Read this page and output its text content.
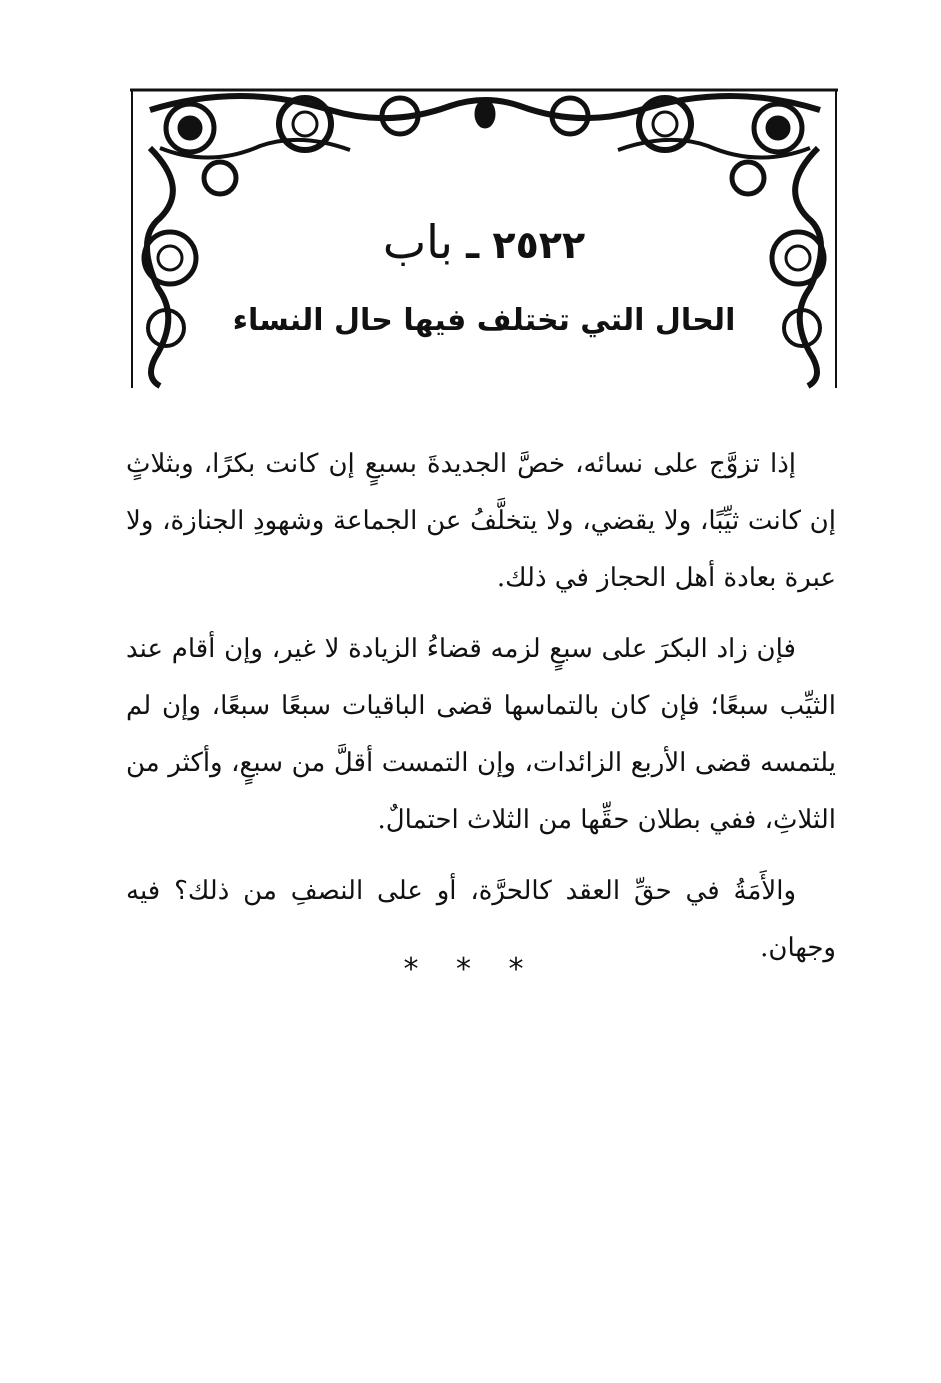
٢٥٢٢ ـ باب
الحال التي تختلف فيها حال النساء

إذا تزوَّج على نسائه، خصَّ الجديدةَ بسبعٍ إن كانت بكرًا، وبثلاثٍ إن كانت ثيِّبًا، ولا يقضي، ولا يتخلَّفُ عن الجماعة وشهودِ الجنازة، ولا عبرة بعادة أهل الحجاز في ذلك.

فإن زاد البكرَ على سبعٍ لزمه قضاءُ الزيادة لا غير، وإن أقام عند الثيِّب سبعًا؛ فإن كان بالتماسها قضى الباقيات سبعًا سبعًا، وإن لم يلتمسه قضى الأربع الزائدات، وإن التمست أقلَّ من سبعٍ، وأكثر من الثلاثِ، ففي بطلان حقِّها من الثلاث احتمالٌ.

والأَمَةُ في حقِّ العقد كالحرَّة، أو على النصفِ من ذلك؟ فيه وجهان.

* * *
